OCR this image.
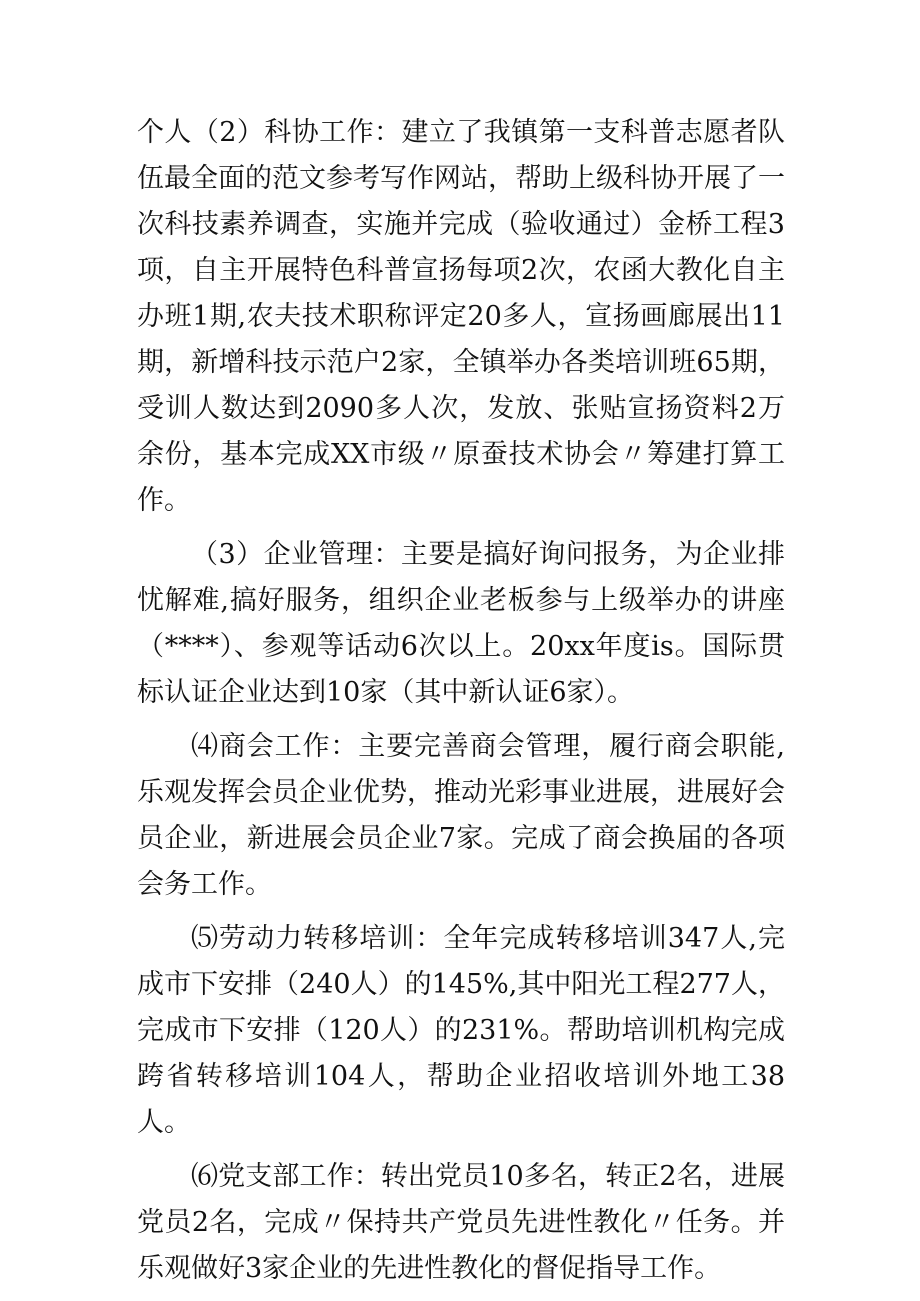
个人（2）科协工作：建立了我镇第一支科普志愿者队伍最全面的范文参考写作网站，帮助上级科协开展了一次科技素养调查，实施并完成（验收通过）金桥工程3项，自主开展特色科普宣扬每项2次，农函大教化自主办班1期,农夫技术职称评定20多人，宣扬画廊展出11期，新增科技示范户2家，全镇举办各类培训班65期，受训人数达到2090多人次，发放、张贴宣扬资料2万余份，基本完成XX市级〃原蚕技术协会〃筹建打算工作。

（3）企业管理：主要是搞好询问报务，为企业排忧解难,搞好服务，组织企业老板参与上级举办的讲座（****）、参观等话动6次以上。20xx年度is。国际贯标认证企业达到10家（其中新认证6家）。

⑷商会工作：主要完善商会管理，履行商会职能,乐观发挥会员企业优势，推动光彩事业进展，进展好会员企业，新进展会员企业7家。完成了商会换届的各项会务工作。

⑸劳动力转移培训：全年完成转移培训347人,完成市下安排（240人）的145%,其中阳光工程277人，完成市下安排（120人）的231%。帮助培训机构完成跨省转移培训104人，帮助企业招收培训外地工38人。

⑹党支部工作：转出党员10多名，转正2名，进展党员2名，完成〃保持共产党员先进性教化〃任务。并乐观做好3家企业的先进性教化的督促指导工作。
